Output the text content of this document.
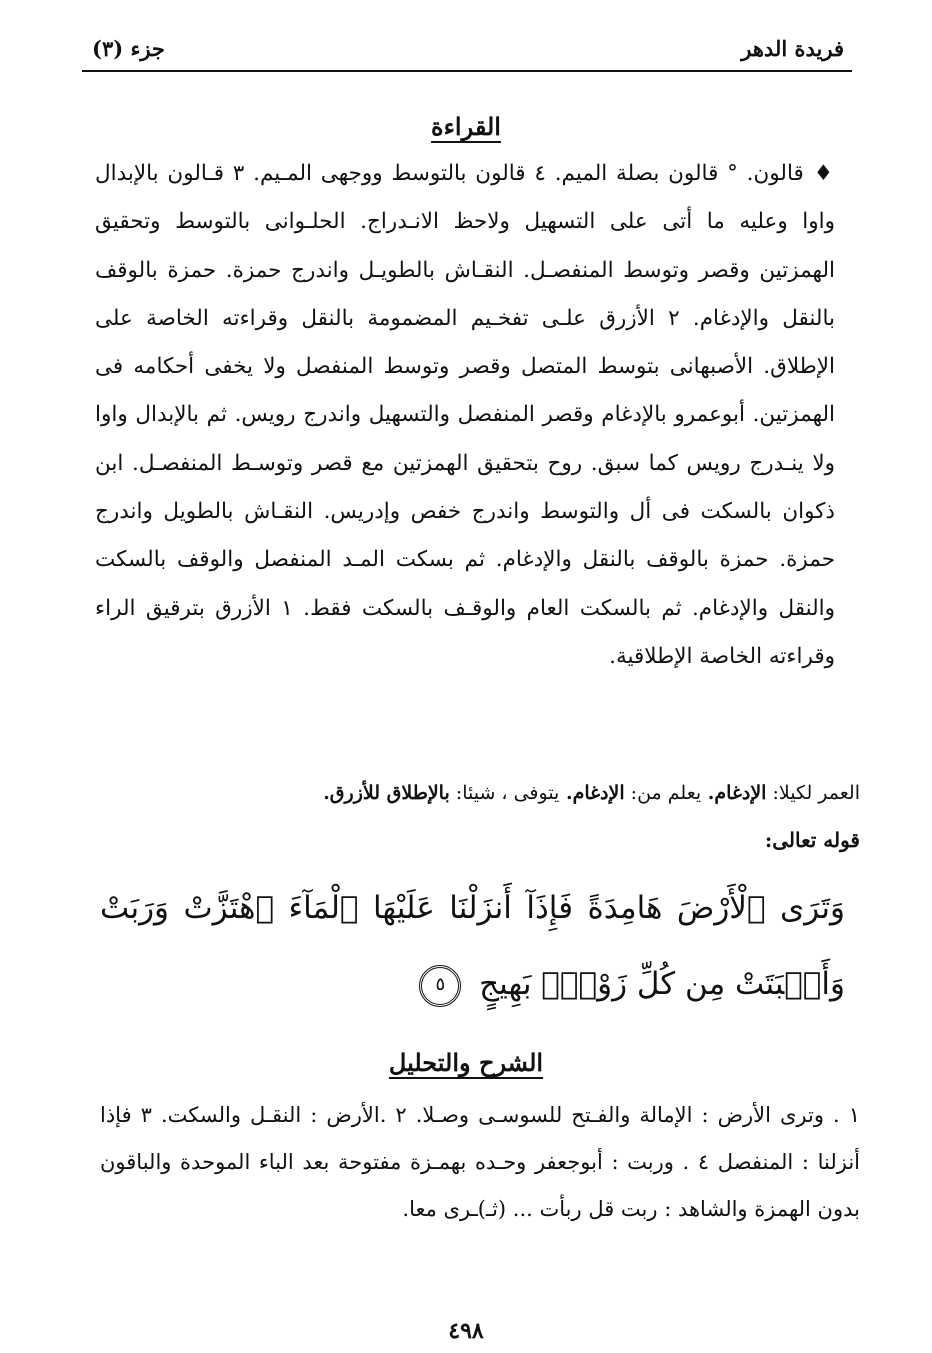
فريدة الدهر
جزء (٣)
القراءة
♦قالون. ° قالون بصلة الميم. ٤ قالون بالتوسط ووجهى المـيم. ٣ قـالون بالإبدال واوا وعليه ما أتى على التسهيل ولاحظ الانـدراج. الحلـوانى بالتوسط وتحقيق الهمزتين وقصر وتوسط المنفصـل. النقـاش بالطويـل واندرج حمزة. حمزة بالوقف بالنقل والإدغام. ٢ الأزرق علـى تفخـيم المضمومة بالنقل وقراءته الخاصة على الإطلاق. الأصبهانى بتوسط المتصل وقصر وتوسط المنفصل ولا يخفى أحكامه فى الهمزتين. أبوعمرو بالإدغام وقصر المنفصل والتسهيل واندرج رويس. ثم بالإبدال واوا ولا ينـدرج رويس كما سبق. روح بتحقيق الهمزتين مع قصر وتوسـط المنفصـل. ابن ذكوان بالسكت فى أل والتوسط واندرج خفص وإدريس. النقـاش بالطويل واندرج حمزة. حمزة بالوقف بالنقل والإدغام. ثم بسكت المـد المنفصل والوقف بالسكت والنقل والإدغام. ثم بالسكت العام والوقـف بالسكت فقط. ١ الأزرق بترقيق الراء وقراءته الخاصة الإطلاقية.
العمر لكيلا: الإدغام. يعلم من: الإدغام. يتوفى ، شيئا: بالإطلاق للأزرق.
قوله تعالى:
وَتَرَى ٱلْأَرْضَ هَامِدَةً فَإِذَآ أَنزَلْنَا عَلَيْهَا ٱلْمَآءَ ٱهْتَزَّتْ وَرَبَتْ وَأَنۢبَتَتْ مِن كُلِّ زَوْجٍۭ بَهِيجٍ ٥
الشرح والتحليل
١ . وترى الأرض : الإمالة والفـتح للسوسـى وصـلا. ٢ .الأرض : النقـل والسكت. ٣ فإذا أنزلنا : المنفصل ٤ . وربت : أبوجعفر وحـده بهمـزة مفتوحة بعد الباء الموحدة والباقون بدون الهمزة والشاهد : ربت قل ربأت ... (ثـ)ـرى معا.
٤٩٨
